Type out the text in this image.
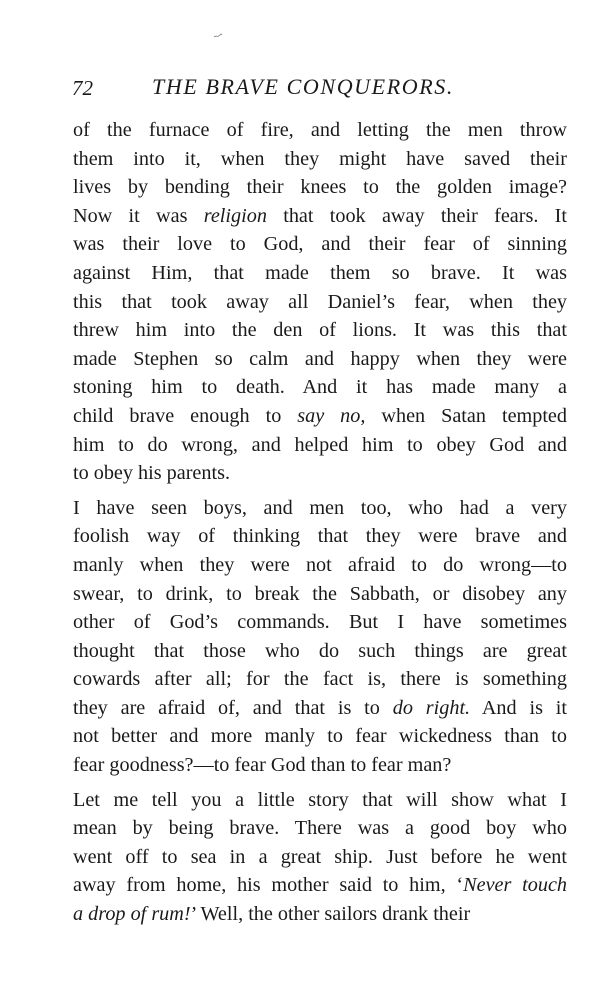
72	THE BRAVE CONQUERORS.
of the furnace of fire, and letting the men throw
them into it, when they might have saved their
lives by bending their knees to the golden image?
Now it was religion that took away their fears. It
was their love to God, and their fear of sinning
against Him, that made them so brave. It was
this that took away all Daniel’s fear, when they
threw him into the den of lions. It was this that
made Stephen so calm and happy when they were
stoning him to death. And it has made many a
child brave enough to say no, when Satan tempted
him to do wrong, and helped him to obey God and
to obey his parents.
I have seen boys, and men too, who had a very
foolish way of thinking that they were brave and
manly when they were not afraid to do wrong—to
swear, to drink, to break the Sabbath, or disobey any
other of God’s commands. But I have sometimes
thought that those who do such things are great
cowards after all; for the fact is, there is something
they are afraid of, and that is to do right. And is it
not better and more manly to fear wickedness than to
fear goodness?—to fear God than to fear man?
Let me tell you a little story that will show what I
mean by being brave. There was a good boy who
went off to sea in a great ship. Just before he went
away from home, his mother said to him, ‘Never touch
a drop of rum!’ Well, the other sailors drank their
